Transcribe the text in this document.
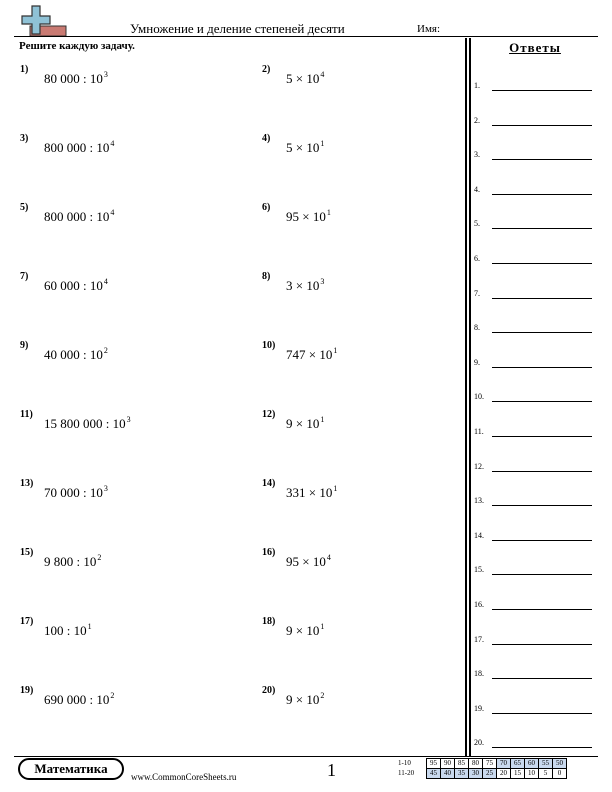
Умножение и деление степеней десяти	Имя:
Решите каждую задачу.
1)
80 000 : $10^3$	2)
$5 \times 10^4$
3)
800 000 : $10^4$	4)
$5 \times 10^1$
5)
800 000 : $10^4$	6)
$95 \times 10^1$
7)
60 000 : $10^4$	8)
$3 \times 10^3$
9)
40 000 : $10^2$	10)
$747 \times 10^1$
11)
15 800 000 : $10^3$	12)
$9 \times 10^1$
13)
70 000 : $10^3$	14)
$331 \times 10^1$
15)
9 800 : $10^2$	16)
$95 \times 10^4$
17)
100 : $10^1$	18)
$9 \times 10^1$
19)
690 000 : $10^2$	20)
$9 \times 10^2$
Ответы
1.
2.
3.
4.
5.
6.
7.
8.
9.
10.
11.
12.
13.
14.
15.
16.
17.
18.
19.
20.
Математика
www.CommonCoreSheets.ru	1	1-10	95	90	85	80	75	70	65	60	55	50
11-20	45	40	35	30	25	20	15	10	5	0
